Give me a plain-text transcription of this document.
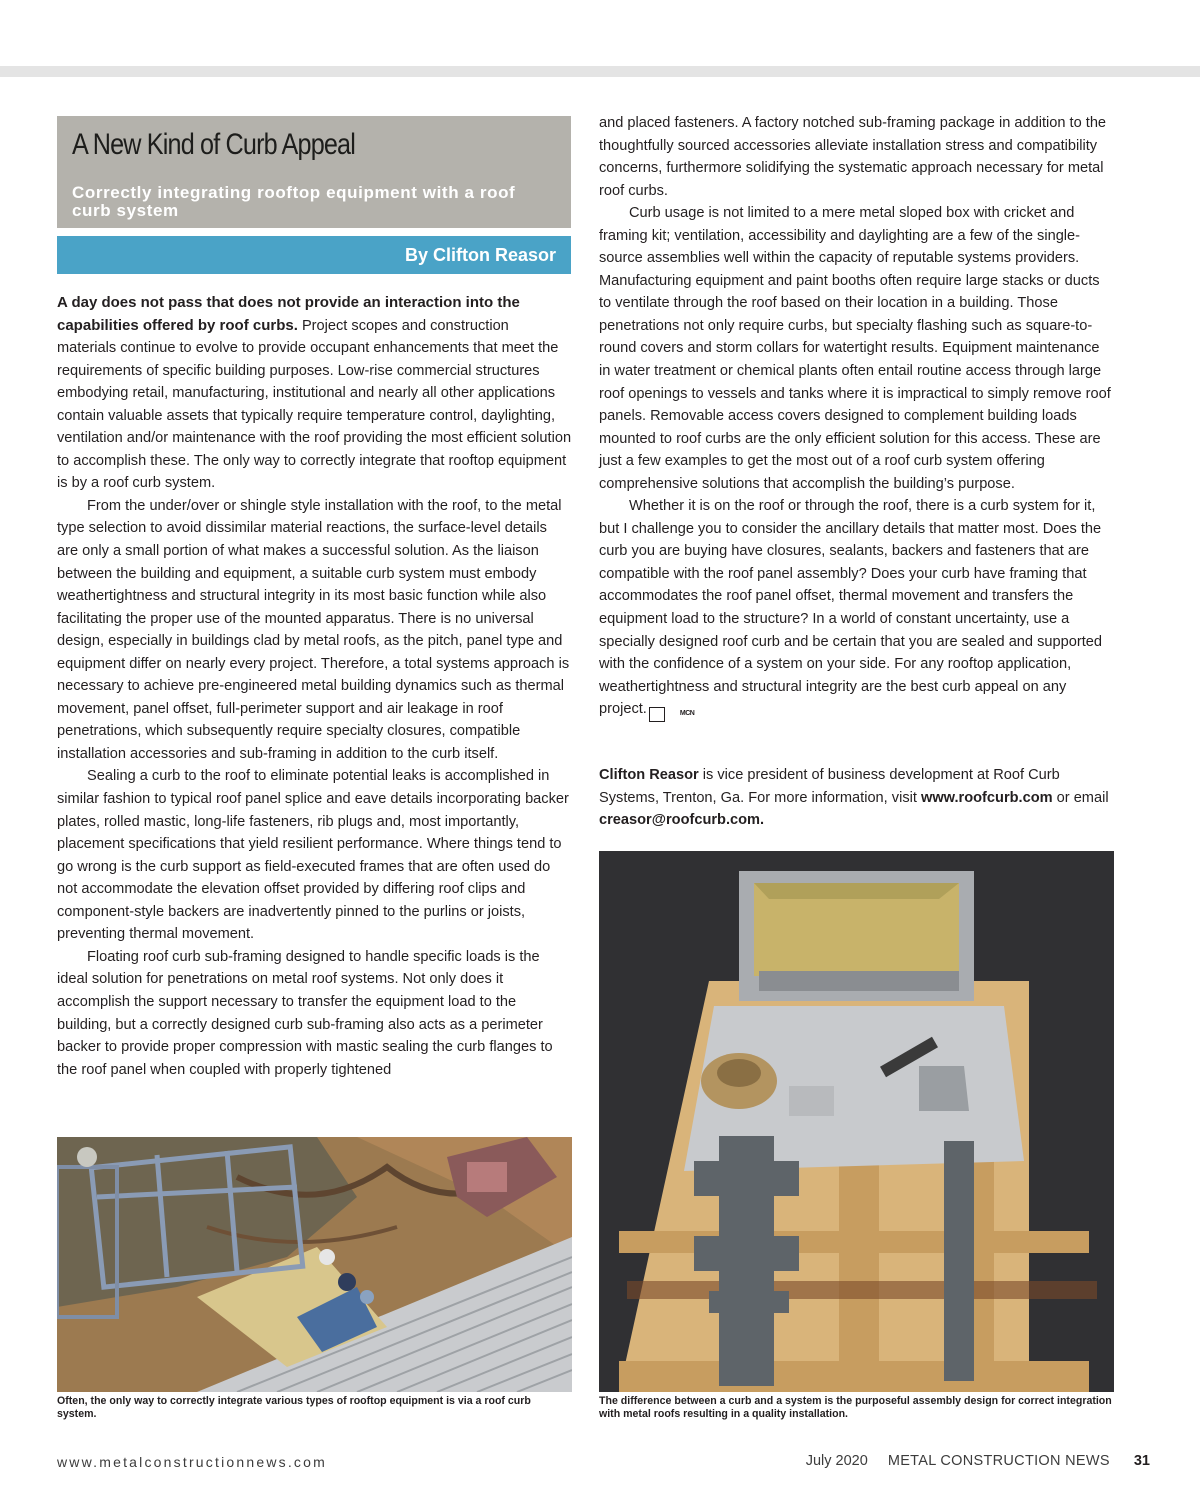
A New Kind of Curb Appeal
Correctly integrating rooftop equipment with a roof curb system
By Clifton Reasor

A day does not pass that does not provide an interaction into the capabilities offered by roof curbs. Project scopes and construction materials continue to evolve to provide occupant enhancements that meet the requirements of specific building purposes. Low-rise commercial structures embodying retail, manufacturing, institutional and nearly all other applications contain valuable assets that typically require temperature control, daylighting, ventilation and/or maintenance with the roof providing the most efficient solution to accomplish these. The only way to correctly integrate that rooftop equipment is by a roof curb system.

From the under/over or shingle style installation with the roof, to the metal type selection to avoid dissimilar material reactions, the surface-level details are only a small portion of what makes a successful solution. As the liaison between the building and equipment, a suitable curb system must embody weathertightness and structural integrity in its most basic function while also facilitating the proper use of the mounted apparatus. There is no universal design, especially in buildings clad by metal roofs, as the pitch, panel type and equipment differ on nearly every project. Therefore, a total systems approach is necessary to achieve pre-engineered metal building dynamics such as thermal movement, panel offset, full-perimeter support and air leakage in roof penetrations, which subsequently require specialty closures, compatible installation accessories and sub-framing in addition to the curb itself.

Sealing a curb to the roof to eliminate potential leaks is accomplished in similar fashion to typical roof panel splice and eave details incorporating backer plates, rolled mastic, long-life fasteners, rib plugs and, most importantly, placement specifications that yield resilient performance. Where things tend to go wrong is the curb support as field-executed frames that are often used do not accommodate the elevation offset provided by differing roof clips and component-style backers are inadvertently pinned to the purlins or joists, preventing thermal movement.

Floating roof curb sub-framing designed to handle specific loads is the ideal solution for penetrations on metal roof systems. Not only does it accomplish the support necessary to transfer the equipment load to the building, but a correctly designed curb sub-framing also acts as a perimeter backer to provide proper compression with mastic sealing the curb flanges to the roof panel when coupled with properly tightened

and placed fasteners. A factory notched sub-framing package in addition to the thoughtfully sourced accessories alleviate installation stress and compatibility concerns, furthermore solidifying the systematic approach necessary for metal roof curbs.

Curb usage is not limited to a mere metal sloped box with cricket and framing kit; ventilation, accessibility and daylighting are a few of the single-source assemblies well within the capacity of reputable systems providers. Manufacturing equipment and paint booths often require large stacks or ducts to ventilate through the roof based on their location in a building. Those penetrations not only require curbs, but specialty flashing such as square-to-round covers and storm collars for watertight results. Equipment maintenance in water treatment or chemical plants often entail routine access through large roof openings to vessels and tanks where it is impractical to simply remove roof panels. Removable access covers designed to complement building loads mounted to roof curbs are the only efficient solution for this access. These are just a few examples to get the most out of a roof curb system offering comprehensive solutions that accomplish the building’s purpose.

Whether it is on the roof or through the roof, there is a curb system for it, but I challenge you to consider the ancillary details that matter most. Does the curb you are buying have closures, sealants, backers and fasteners that are compatible with the roof panel assembly? Does your curb have framing that accommodates the roof panel offset, thermal movement and transfers the equipment load to the structure? In a world of constant uncertainty, use a specially designed roof curb and be certain that you are sealed and supported with the confidence of a system on your side. For any rooftop application, weathertightness and structural integrity are the best curb appeal on any project.	MCN

Clifton Reasor is vice president of business development at Roof Curb Systems, Trenton, Ga. For more information, visit www.roofcurb.com or email creasor@roofcurb.com.

Often, the only way to correctly integrate various types of rooftop equipment is via a roof curb system.
The difference between a curb and a system is the purposeful assembly design for correct integration with metal roofs resulting in a quality installation.
www.metalconstructionnews.com	July 2020 METAL CONSTRUCTION NEWS 31
